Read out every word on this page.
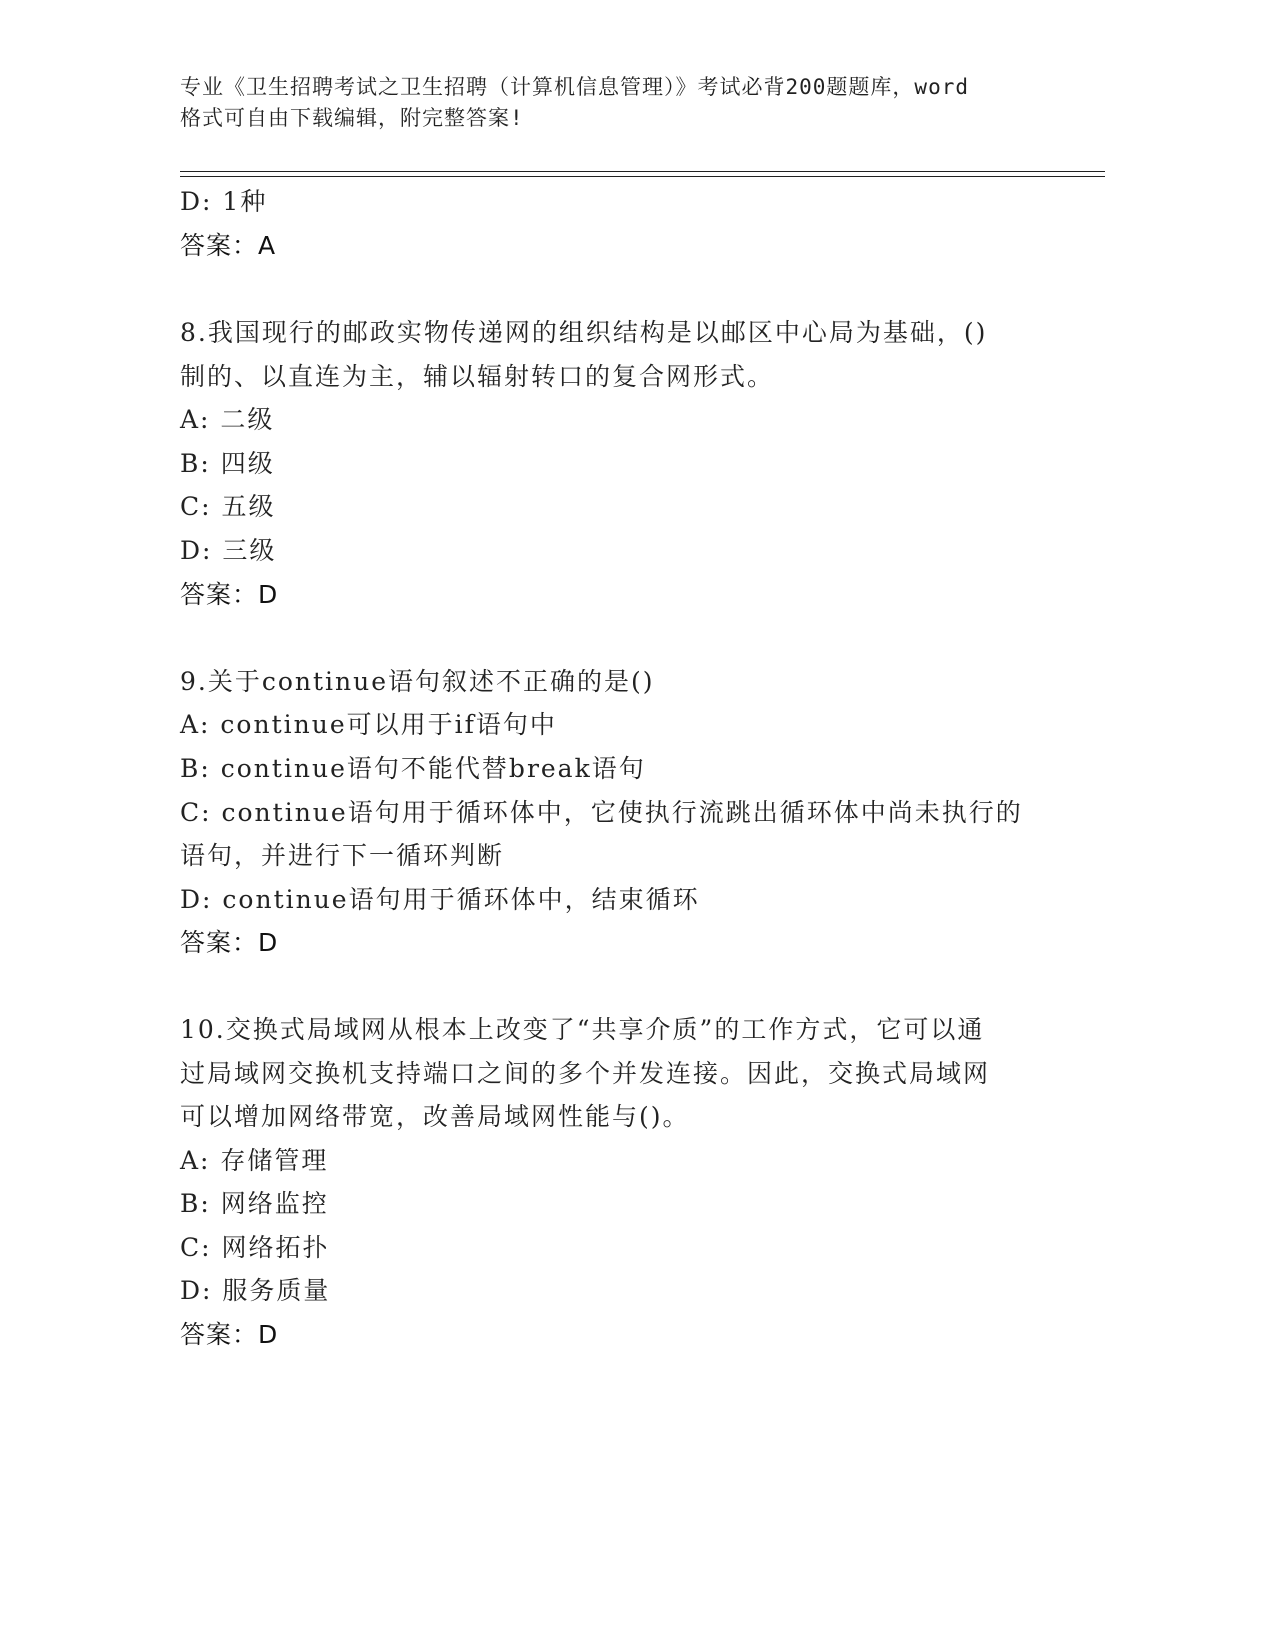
专业《卫生招聘考试之卫生招聘（计算机信息管理）》考试必背200题题库，word
格式可自由下载编辑，附完整答案!
D: 1种
答案：A
8.我国现行的邮政实物传递网的组织结构是以邮区中心局为基础，()
制的、以直连为主，辅以辐射转口的复合网形式。
A: 二级
B: 四级
C: 五级
D: 三级
答案：D
9.关于continue语句叙述不正确的是()
A: continue可以用于if语句中
B: continue语句不能代替break语句
C: continue语句用于循环体中，它使执行流跳出循环体中尚未执行的
语句，并进行下一循环判断
D: continue语句用于循环体中，结束循环
答案：D
10.交换式局域网从根本上改变了“共享介质”的工作方式，它可以通
过局域网交换机支持端口之间的多个并发连接。因此，交换式局域网
可以增加网络带宽，改善局域网性能与()。
A: 存储管理
B: 网络监控
C: 网络拓扑
D: 服务质量
答案：D
